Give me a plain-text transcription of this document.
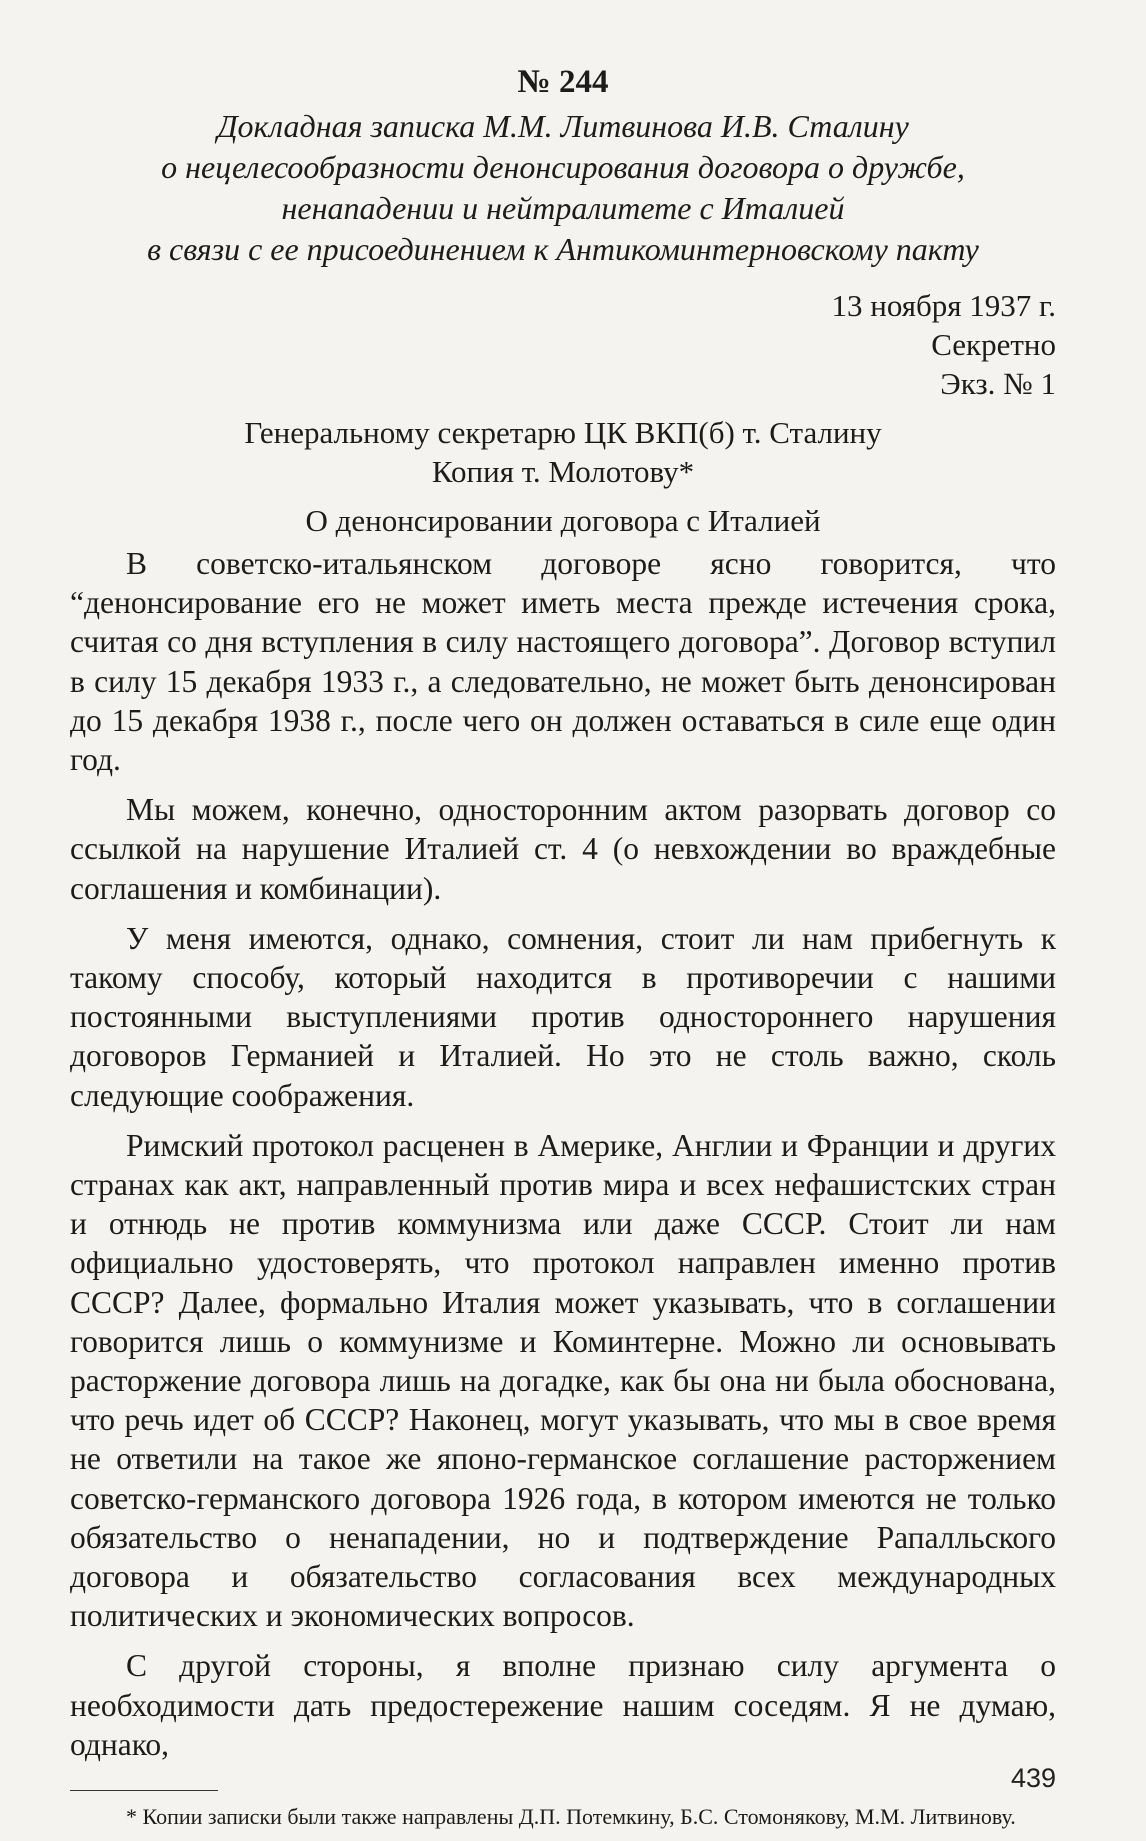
№ 244
Докладная записка М.М. Литвинова И.В. Сталину
о нецелесообразности денонсирования договора о дружбе,
ненападении и нейтралитете с Италией
в связи с ее присоединением к Антикоминтерновскому пакту
13 ноября 1937 г.
Секретно
Экз. № 1
Генеральному секретарю ЦК ВКП(б) т. Сталину
Копия т. Молотову*
О денонсировании договора с Италией

В советско-итальянском договоре ясно говорится, что “денонсирование его не может иметь места прежде истечения срока, считая со дня вступления в силу настоящего договора”. Договор вступил в силу 15 декабря 1933 г., а следовательно, не может быть денонсирован до 15 декабря 1938 г., после чего он должен оставаться в силе еще один год.

Мы можем, конечно, односторонним актом разорвать договор со ссылкой на нарушение Италией ст. 4 (о невхождении во враждебные соглашения и комбинации).

У меня имеются, однако, сомнения, стоит ли нам прибегнуть к такому способу, который находится в противоречии с нашими постоянными выступлениями против одностороннего нарушения договоров Германией и Италией. Но это не столь важно, сколь следующие соображения.

Римский протокол расценен в Америке, Англии и Франции и других странах как акт, направленный против мира и всех нефашистских стран и отнюдь не против коммунизма или даже СССР. Стоит ли нам официально удостоверять, что протокол направлен именно против СССР? Далее, формально Италия может указывать, что в соглашении говорится лишь о коммунизме и Коминтерне. Можно ли основывать расторжение договора лишь на догадке, как бы она ни была обоснована, что речь идет об СССР? Наконец, могут указывать, что мы в свое время не ответили на такое же японо-германское соглашение расторжением советско-германского договора 1926 года, в котором имеются не только обязательство о ненападении, но и подтверждение Рапалльского договора и обязательство согласования всех международных политических и экономических вопросов.

С другой стороны, я вполне признаю силу аргумента о необходимости дать предостережение нашим соседям. Я не думаю, однако,

* Копии записки были также направлены Д.П. Потемкину, Б.С. Стомонякову, М.М. Литвинову.
439
